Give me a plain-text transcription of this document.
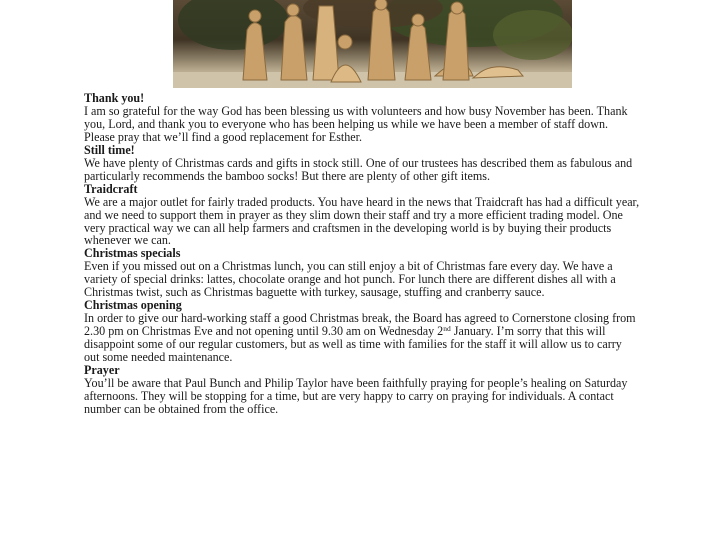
Thank you!

I am so grateful for the way God has been blessing us with volunteers and how busy November has been. Thank you, Lord, and thank you to everyone who has been helping us while we have been a member of staff down. Please pray that we’ll find a good replacement for Esther.

Still time!

We have plenty of Christmas cards and gifts in stock still. One of our trustees has described them as fabulous and particularly recommends the bamboo socks! But there are plenty of other gift items.

Traidcraft

We are a major outlet for fairly traded products. You have heard in the news that Traidcraft has had a difficult year, and we need to support them in prayer as they slim down their staff and try a more efficient trading model. One very practical way we can all help farmers and craftsmen in the developing world is by buying their products whenever we can.

Christmas specials

Even if you missed out on a Christmas lunch, you can still enjoy a bit of Christmas fare every day. We have a variety of special drinks: lattes, chocolate orange and hot punch. For lunch there are different dishes all with a Christmas twist, such as Christmas baguette with turkey, sausage, stuffing and cranberry sauce.

Christmas opening

In order to give our hard-working staff a good Christmas break, the Board has agreed to Cornerstone closing from 2.30 pm on Christmas Eve and not opening until 9.30 am on Wednesday 2nd January. I’m sorry that this will disappoint some of our regular customers, but as well as time with families for the staff it will allow us to carry out some needed maintenance.

Prayer

You’ll be aware that Paul Bunch and Philip Taylor have been faithfully praying for people’s healing on Saturday afternoons. They will be stopping for a time, but are very happy to carry on praying for individuals. A contact number can be obtained from the office.
